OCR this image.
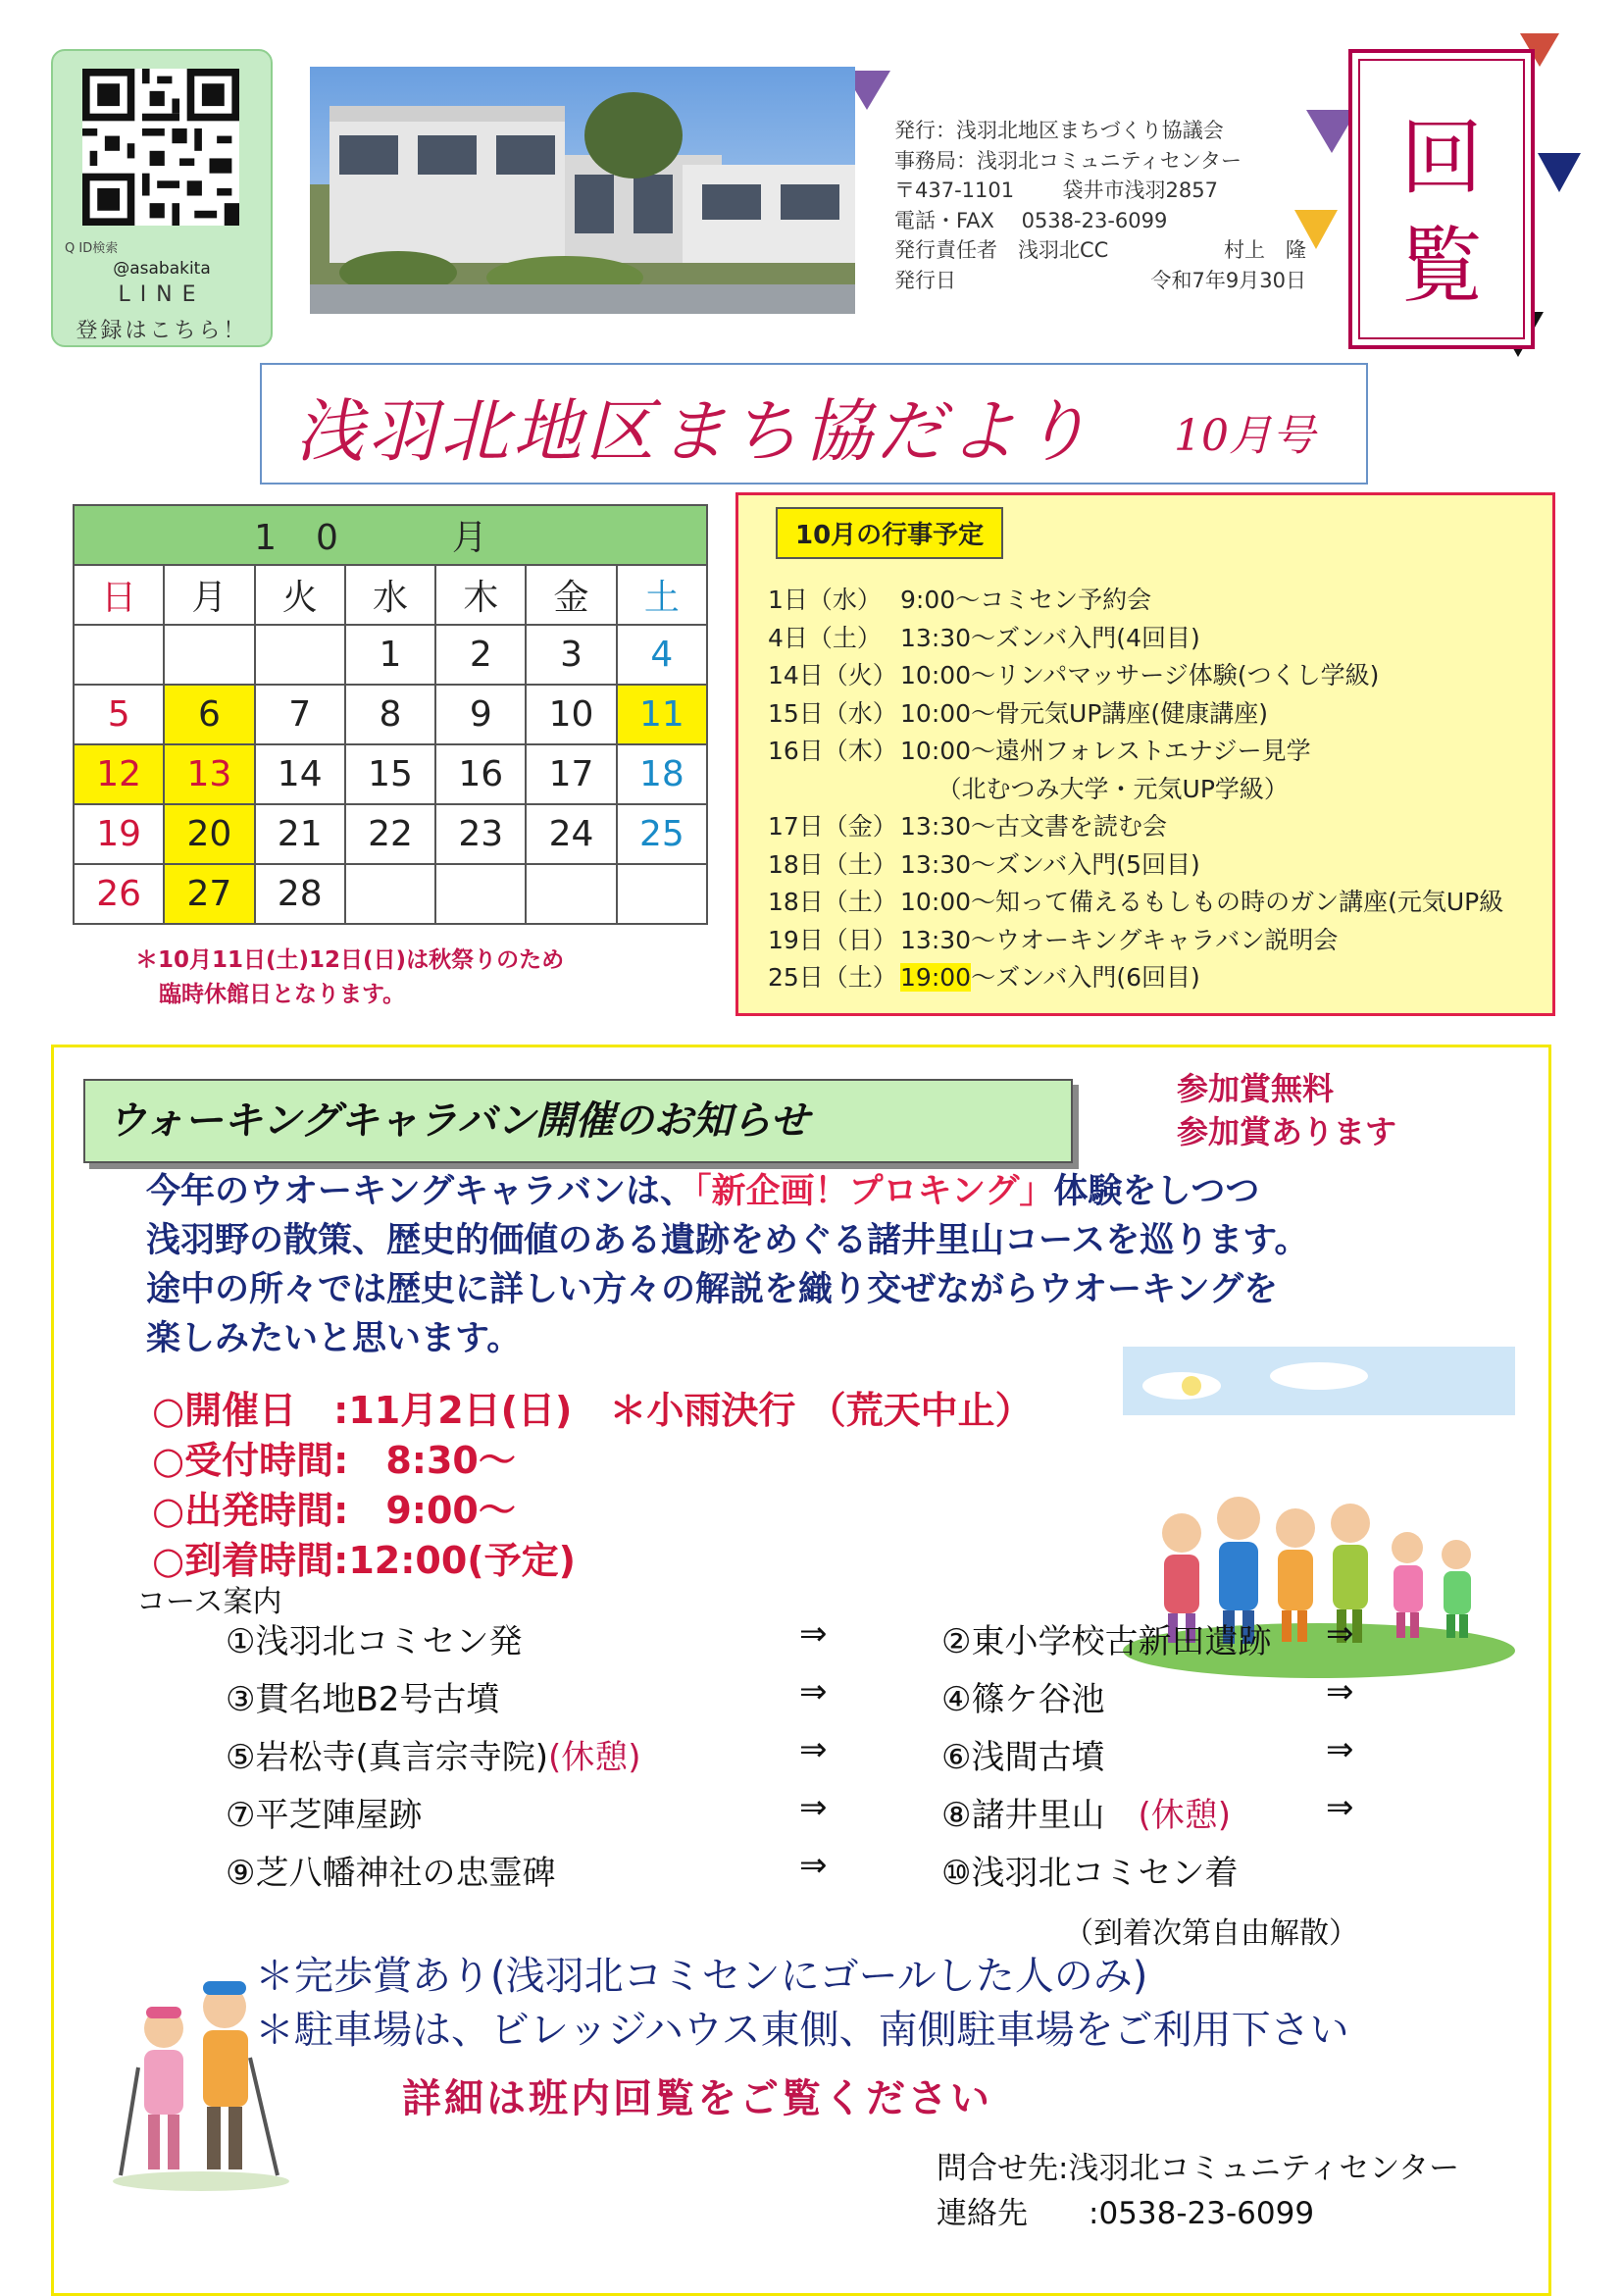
Q ID検索
@asabakita
LINE
登録はこちら！
発行：浅羽北地区まちづくり協議会
事務局：浅羽北コミュニティセンター
〒437-1101 袋井市浅羽2857
電話・FAX　 0538-23-6099
発行責任者　浅羽北CC	村上　隆
発行日	令和7年9月30日
回
覧
浅羽北地区まち協だより 10月号
10　月						
日	月	火	水	木	金	土
			1	2	3	4
5	6	7	8	9	10	11
12	13	14	15	16	17	18
19	20	21	22	23	24	25
26	27	28				
＊10月11日(土)12日(日)は秋祭りのため
臨時休館日となります。
10月の行事予定
1日（水）　 9:00～コミセン予約会
4日（土）　 13:30～ズンバ入門(4回目)
14日（火）　 10:00～リンパマッサージ体験(つくし学級)
15日（水）　 10:00～骨元気UP講座(健康講座)
16日（木）　 10:00～遠州フォレストエナジー見学
　　　（北むつみ大学・元気UP学級）
17日（金）　 13:30～古文書を読む会
18日（土）　 13:30～ズンバ入門(5回目)
18日（土）　 10:00～知って備えるもしもの時のガン講座(元気UP級
19日（日）　 13:30～ウオーキングキャラバン説明会
25日（土）　 19:00～ズンバ入門(6回目)
ウォーキングキャラバン開催のお知らせ
参加賞無料
参加賞あります
今年のウオーキングキャラバンは、「新企画！プロキング」体験をしつつ
浅羽野の散策、歴史的価値のある遺跡をめぐる諸井里山コースを巡ります。
途中の所々では歴史に詳しい方々の解説を織り交ぜながらウオーキングを
楽しみたいと思います。
○開催日　:11月2日(日)　＊小雨決行 （荒天中止）
○受付時間:　8:30～
○出発時間:　9:00～
○到着時間:12:00(予定)
コース案内
①浅羽北コミセン発	⇒	②東小学校古新田遺跡 ⇒
③貫名地B2号古墳	⇒	④篠ケ谷池	⇒
⑤岩松寺(真言宗寺院)(休憩)	⇒	⑥浅間古墳	⇒
⑦平芝陣屋跡	⇒	⑧諸井里山　 (休憩)	⇒
⑨芝八幡神社の忠霊碑	⇒	⑩浅羽北コミセン着
（到着次第自由解散）
＊完歩賞あり(浅羽北コミセンにゴールした人のみ)
＊駐車場は、ビレッジハウス東側、南側駐車場をご利用下さい
詳細は班内回覧をご覧ください
問合せ先:浅羽北コミュニティセンター
連絡先　　:0538-23-6099
